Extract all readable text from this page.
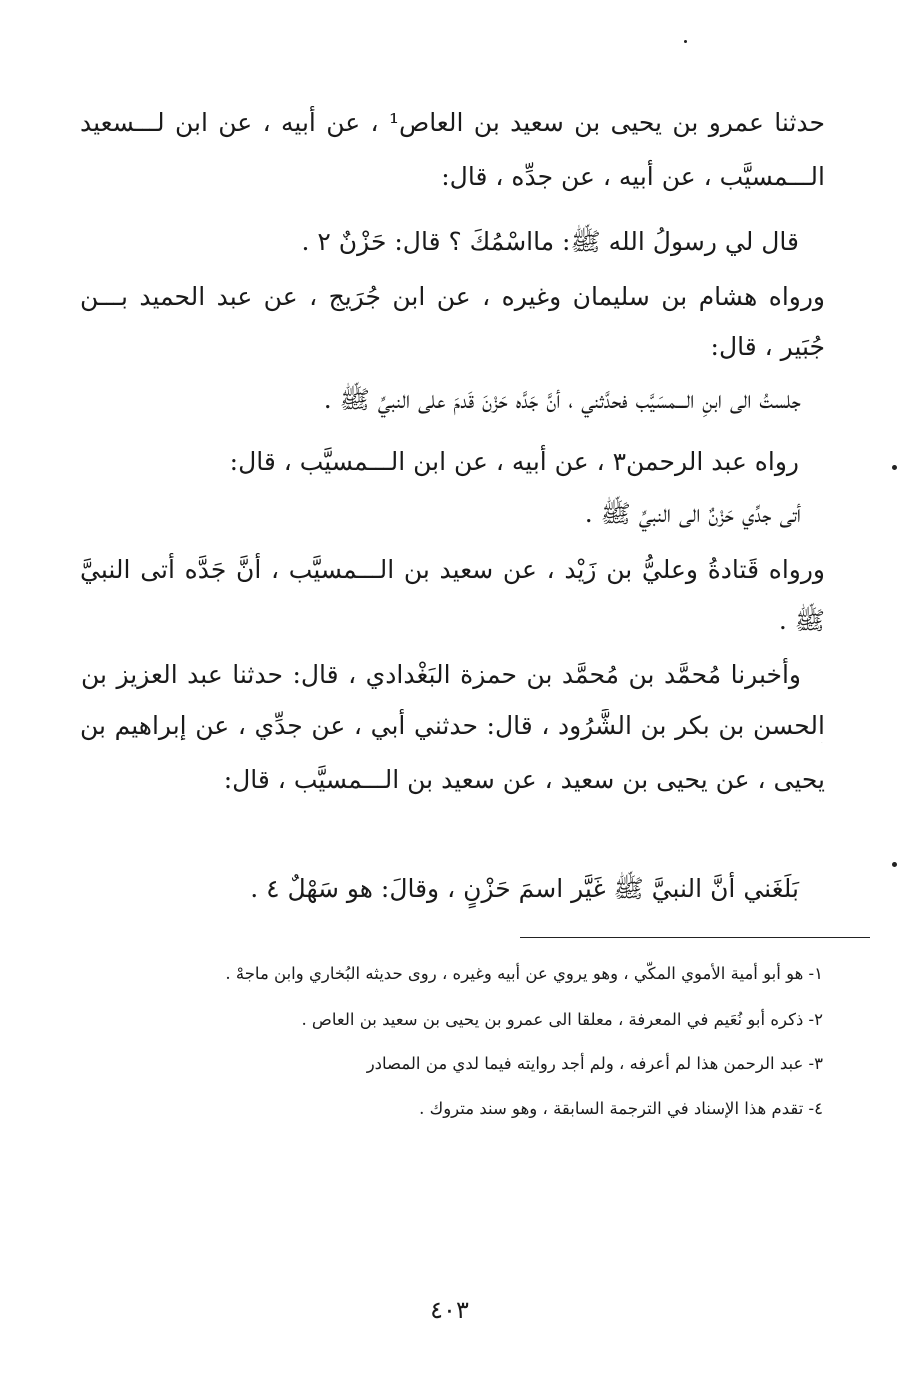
حدثنا عمرو بن يحيى بن سعيد بن العاص¹ ، عن أبيه ، عن ابن لـــسعيد
الـــمسيَّب ، عن أبيه ، عن جدِّه ، قال:
قال لي رسولُ الله ﷺ: مااسْمُكَ ؟ قال: حَزْنٌ ٢ .
ورواه هشام بن سليمان وغيره ، عن ابن جُرَيج ، عن عبد الحميد بـــن
جُبَير ، قال:
جلستُ الى ابنِ الـــمسَيَّب فحدَّثني ، أنَّ جَدَّه حَزْنَ قَدمَ على النبيِّ ﷺ .
رواه عبد الرحمن٣ ، عن أبيه ، عن ابن الـــمسيَّب ، قال:
أتى جدِّي حَزْنٌ الى النبيِّ ﷺ .
ورواه قَتادةُ وعليُّ بن زَيْد ، عن سعيد بن الـــمسيَّب ، أنَّ جَدَّه أتى النبيَّ
ﷺ .
وأخبرنا مُحمَّد بن مُحمَّد بن حمزة البَغْدادي ، قال: حدثنا عبد العزيز بن
الحسن بن بكر بن الشَّرُود ، قال: حدثني أبي ، عن جدِّي ، عن إبراهيم بن
يحيى ، عن يحيى بن سعيد ، عن سعيد بن الـــمسيَّب ، قال:
بَلَغَني أنَّ النبيَّ ﷺ غَيَّر اسمَ حَزْنٍ ، وقالَ: هو سَهْلٌ ٤ .
١- هو أبو أمية الأموي المكّي ، وهو يروي عن أبيه وغيره ، روى حديثه البُخاري وابن ماجهْ .
٢- ذكره أبو نُعَيم في المعرفة ، معلقا الى عمرو بن يحيى بن سعيد بن العاص .
٣- عبد الرحمن هذا لم أعرفه ، ولم أجد روايته فيما لدي من المصادر
٤- تقدم هذا الإسناد في الترجمة السابقة ، وهو سند متروك .
٤٠٣
